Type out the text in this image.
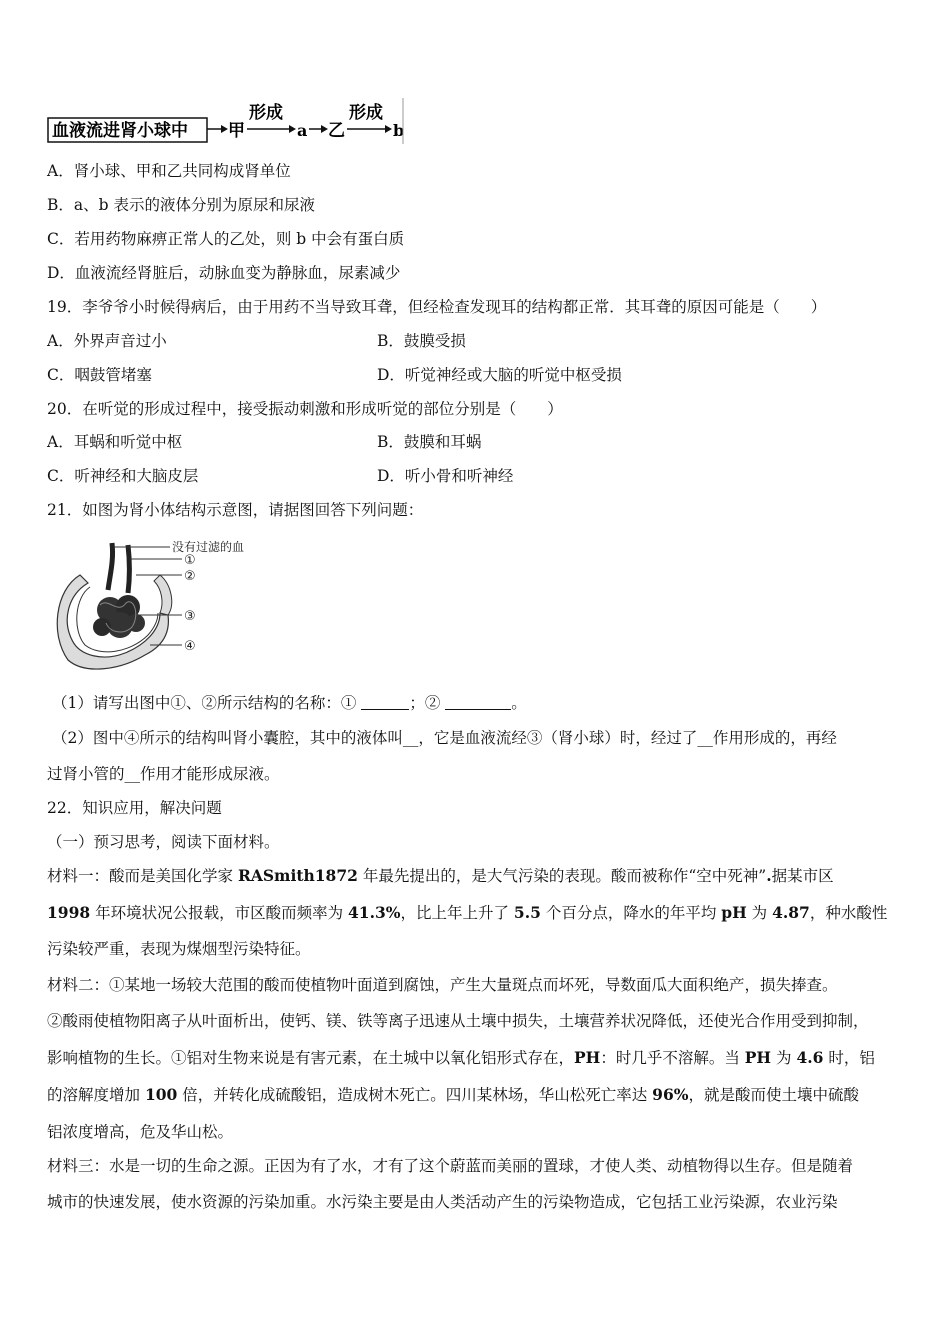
血液流进肾小球中 甲
形成
a 乙
形成
b
A．肾小球、甲和乙共同构成肾单位
B．a、b 表示的液体分别为原尿和尿液
C．若用药物麻痹正常人的乙处，则 b 中会有蛋白质
D．血液流经肾脏后，动脉血变为静脉血，尿素减少
19．李爷爷小时候得病后，由于用药不当导致耳聋，但经检查发现耳的结构都正常．其耳聋的原因可能是（　　）
A．外界声音过小	B．鼓膜受损
C．咽鼓管堵塞	D．听觉神经或大脑的听觉中枢受损
20．在听觉的形成过程中，接受振动刺激和形成听觉的部位分别是（　　）
A．耳蜗和听觉中枢	B．鼓膜和耳蜗
C．听神经和大脑皮层	D．听小骨和听神经
21．如图为肾小体结构示意图，请据图回答下列问题：
没有过滤的血
①
②
③
④
（1）请写出图中①、②所示结构的名称：①	；②	。
（2）图中④所示的结构叫肾小囊腔，其中的液体叫__，它是血液流经③（肾小球）时，经过了__作用形成的，再经
过肾小管的__作用才能形成尿液。
22．知识应用，解决问题
（一）预习思考，阅读下面材料。
材料一：酸而是美国化学家 RASmith1872 年最先提出的，是大气污染的表现。酸而被称作“空中死神”.据某市区
1998 年环境状况公报载，市区酸而频率为 41.3%，比上年上升了 5.5 个百分点，降水的年平均 pH 为 4.87，种水酸性
污染较严重，表现为煤烟型污染特征。
材料二：①某地一场较大范围的酸而使植物叶面道到腐蚀，产生大量斑点而坏死，导数面瓜大面积绝产，损失捧查。
②酸雨使植物阳离子从叶面析出，使钙、镁、铁等离子迅速从土壤中损失，土壤营养状况降低，还使光合作用受到抑制，
影响植物的生长。①铝对生物来说是有害元素，在土城中以氧化铝形式存在，PH：时几乎不溶解。当 PH 为 4.6 时，铝
的溶解度增加 100 倍，并转化成硫酸铝，造成树木死亡。四川某林场，华山松死亡率达 96%，就是酸而使土壤中硫酸
铝浓度增高，危及华山松。
材料三：水是一切的生命之源。正因为有了水，才有了这个蔚蓝而美丽的置球，才使人类、动植物得以生存。但是随着
城市的快速发展，使水资源的污染加重。水污染主要是由人类活动产生的污染物造成，它包括工业污染源，农业污染
